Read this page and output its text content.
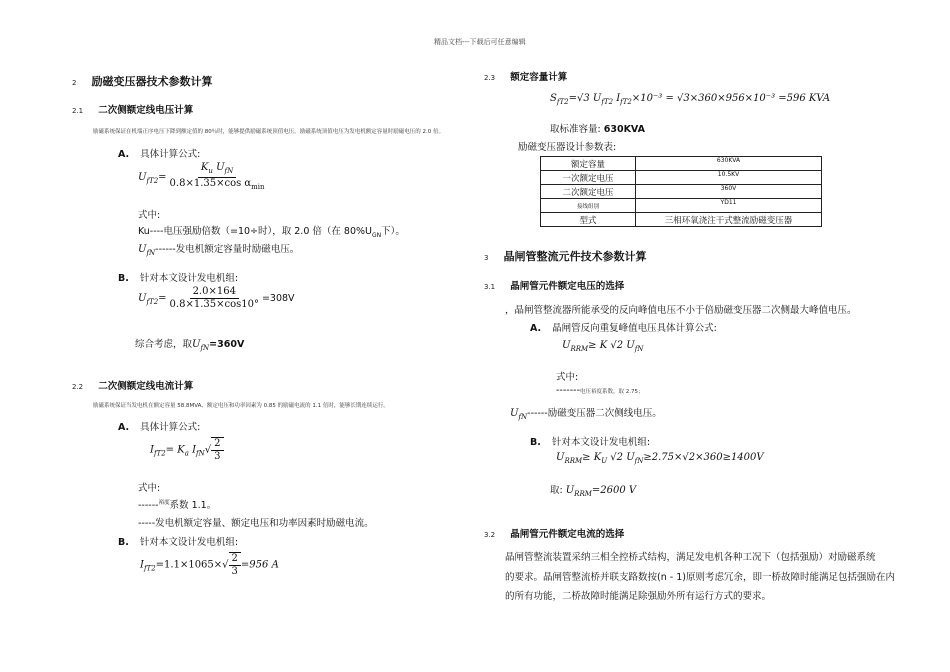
精品文档---下载后可任意编辑
2 励磁变压器技术参数计算
2.1 二次侧额定线电压计算
励磁系统保证在机端正序电压下降到额定值的 80％时，能够提供励磁系统顶值电压。励磁系统顶值电压为发电机额定容量时励磁电压的 2.0 倍。
A. 具体计算公式:
$U_{fT2}= \frac{K_u U_{fN}}{0.8\times 1.35\times\cos \alpha_{min}}$
式中:
Ku----电压强励倍数（=10÷时），取 2.0 倍（在 $80\%U_{GN}$下）。
$U_{fN}------$发电机额定容量时励磁电压。
B. 针对本文设计发电机组:
$U_{fT2}= \frac{2.0\times 164}{0.8\times 1.35\times\cos 10^\circ} =308V$
综合考虑，取$U_{fN}=360V$
2.2 二次侧额定线电流计算
励磁系统保证当发电机在额定容量 58.8MVA、额定电压和功率因素为 0.85 的励磁电流的 1.1 倍时，能够长期连续运行。
A. 具体计算公式:
$I_{fT2}= K_a$ $I_{fN}√ \frac{2}{3}$
式中:
------$^{裕度}$系数 1.1。
-----发电机额定容量、额定电压和功率因素时励磁电流。
B. 针对本文设计发电机组:
$I_{fT2}=1.1\times 1065\times√ \frac{2}{3} =956$ A
2.3 额定容量计算
$S_{fT2}=√3$ $U_{fT2}$ $I_{fT2}\times 10^{-3} = √3\times 360\times 956\times 10^{-3} =596$ KVA
取标准容量: 630KVA
励磁变压器设计参数表:
额定容量	630KVA
一次额定电压	10.5KV
二次额定电压	360V
接线组别	YD11
型式	三相环氧浇注干式整流励磁变压器
3 晶闸管整流元件技术参数计算
3.1 晶闸管元件额定电压的选择
，晶闸管整流器所能承受的反向峰值电压不小于倍励磁变压器二次侧最大峰值电压。
A. 晶闸管反向重复峰值电压具体计算公式:
$U_{RRM}\ge K$ √2 $U_{fN}$
式中:
-------电压裕度系数，取 2.75；
$U_{fN}------$励磁变压器二次侧线电压。
B. 针对本文设计发电机组:
$U_{RRM}\ge K_U$ √2 $U_{fN}\ge 2.75\times√2\times 360\ge 1400V$
取: $U_{RRM}=2600$ V
3.2 晶闸管元件额定电流的选择
晶闸管整流装置采纳三相全控桥式结构，满足发电机各种工况下（包括强励）对励磁系统
的要求。晶闸管整流桥并联支路数按(n - 1)原则考虑冗余，即一桥故障时能满足包括强励在内
的所有功能，二桥故障时能满足除强励外所有运行方式的要求。
